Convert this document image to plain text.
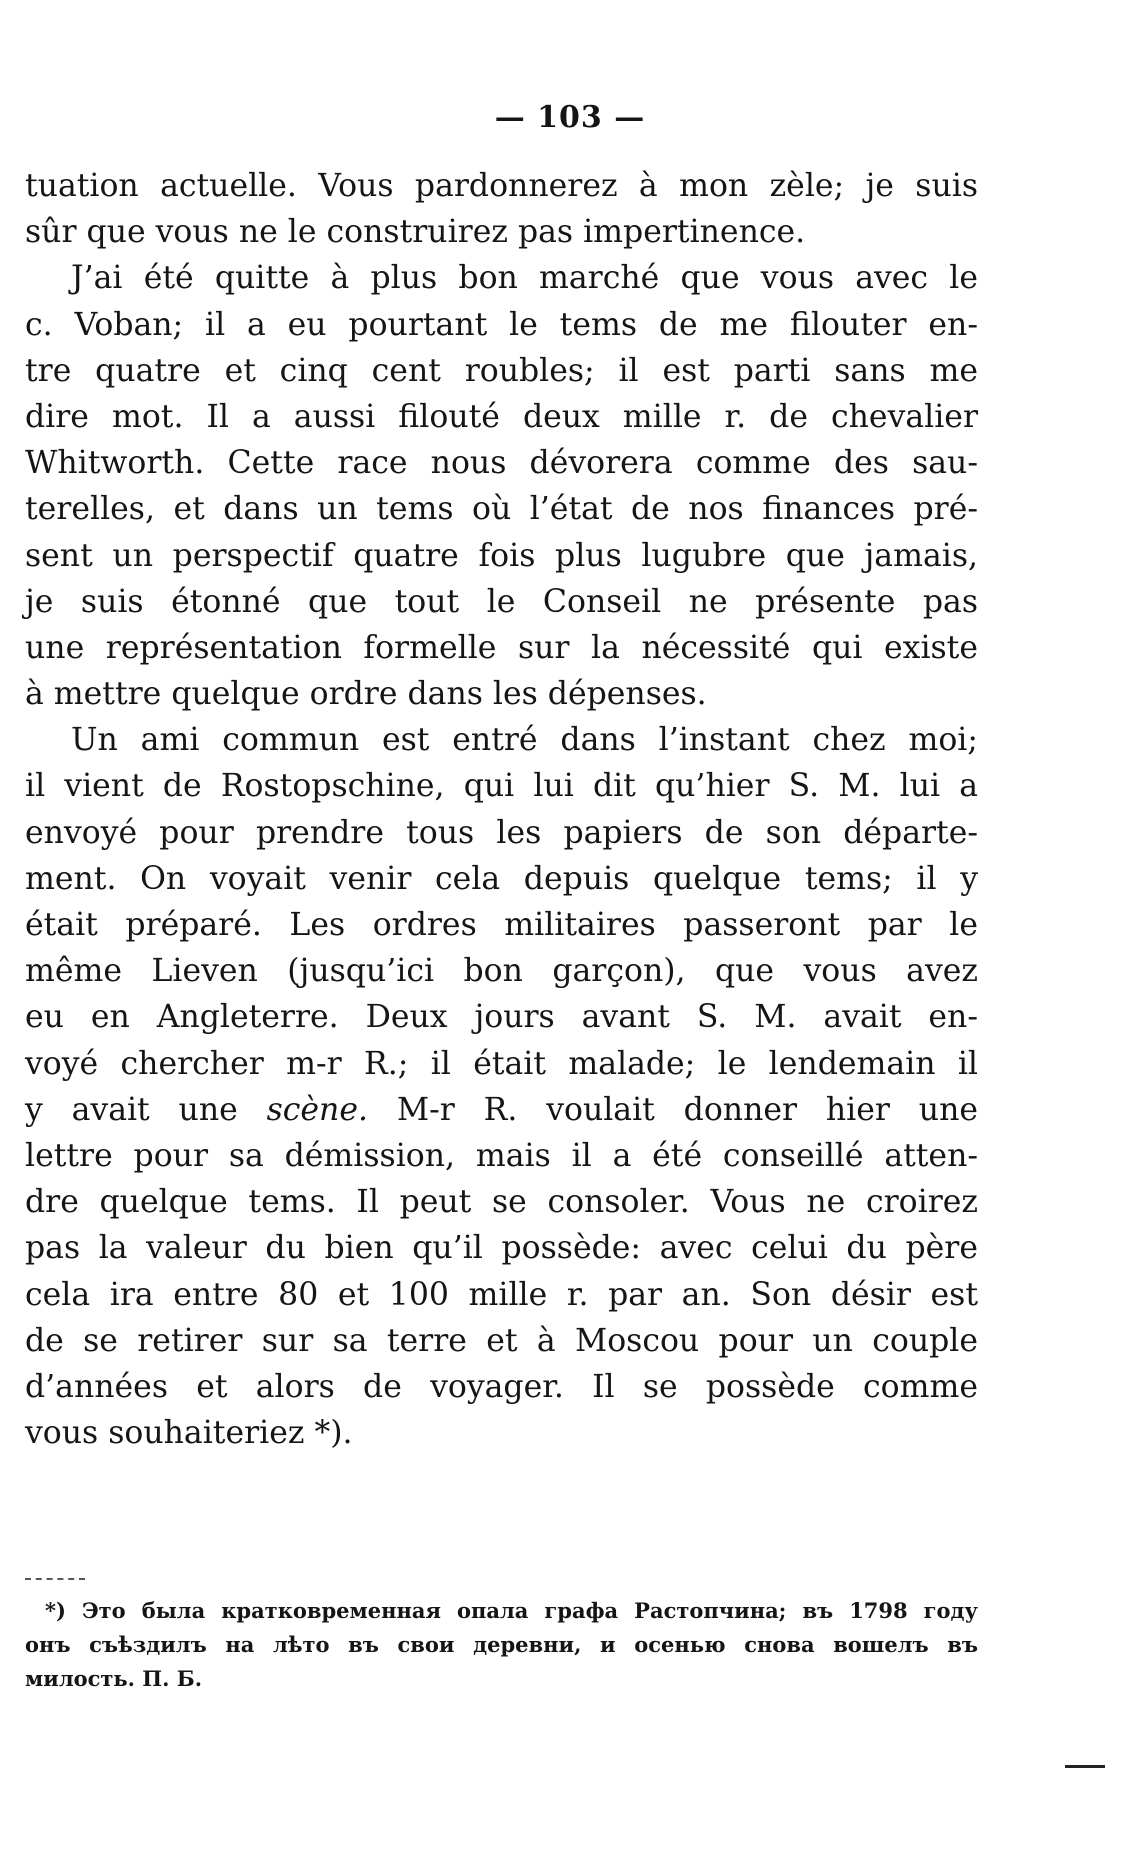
— 103 —
tuation actuelle. Vous pardonnerez à mon zèle; je suis
sûr que vous ne le construirez pas impertinence.
J’ai été quitte à plus bon marché que vous avec le
c. Voban; il a eu pourtant le tems de me filouter en-
tre quatre et cinq cent roubles; il est parti sans me
dire mot. Il a aussi filouté deux mille r. de chevalier
Whitworth. Cette race nous dévorera comme des sau-
terelles, et dans un tems où l’état de nos finances pré-
sent un perspectif quatre fois plus lugubre que jamais,
je suis étonné que tout le Conseil ne présente pas
une représentation formelle sur la nécessité qui existe
à mettre quelque ordre dans les dépenses.
Un ami commun est entré dans l’instant chez moi;
il vient de Rostopschine, qui lui dit qu’hier S. M. lui a
envoyé pour prendre tous les papiers de son départe-
ment. On voyait venir cela depuis quelque tems; il y
était préparé. Les ordres militaires passeront par le
même Lieven (jusqu’ici bon garçon), que vous avez
eu en Angleterre. Deux jours avant S. M. avait en-
voyé chercher m-r R.; il était malade; le lendemain il
y avait une scène. M-r R. voulait donner hier une
lettre pour sa démission, mais il a été conseillé atten-
dre quelque tems. Il peut se consoler. Vous ne croirez
pas la valeur du bien qu’il possède: avec celui du père
cela ira entre 80 et 100 mille r. par an. Son désir est
de se retirer sur sa terre et à Moscou pour un couple
d’années et alors de voyager. Il se possède comme
vous souhaiteriez *).
*) Это была кратковременная опала графа Растопчина; въ 1798 году
онъ съѣздилъ на лѣто въ свои деревни, и осенью снова вошелъ въ
милость. П. Б.
